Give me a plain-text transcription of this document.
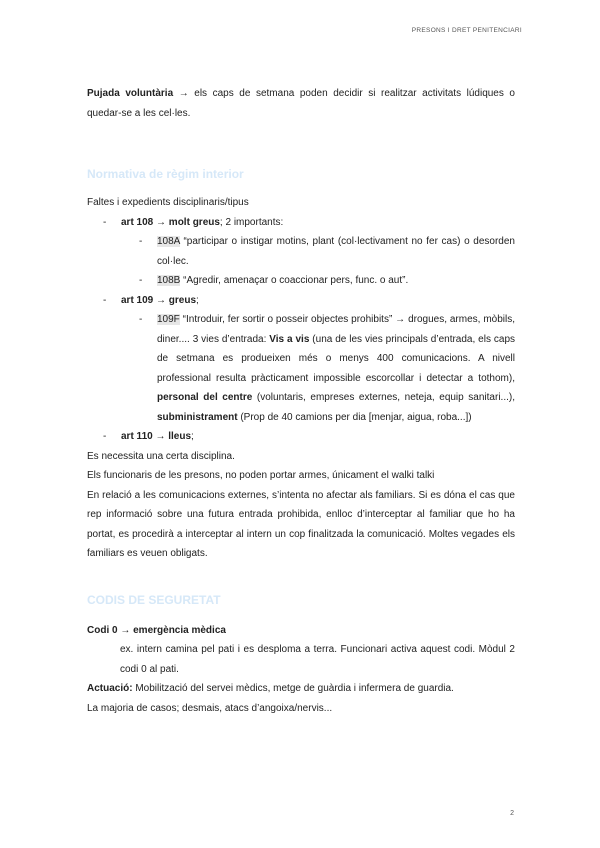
PRESONS I DRET PENITENCIARI

Pujada voluntària → els caps de setmana poden decidir si realitzar activitats lúdiques o quedar-se a les cel·les.

Normativa de règim interior

Faltes i expedients disciplinaris/tipus

- art 108 → molt greus; 2 importants:
- 108A “participar o instigar motins, plant (col·lectivament no fer cas) o desorden col·lec.
- 108B “Agredir, amenaçar o coaccionar pers, func. o aut”.
- art 109 → greus;
- 109F “Introduir, fer sortir o posseir objectes prohibits” → drogues, armes, mòbils, diner.... 3 vies d’entrada: Vis a vis (una de les vies principals d’entrada, els caps de setmana es produeixen més o menys 400 comunicacions. A nivell professional resulta pràcticament impossible escorcollar i detectar a tothom), personal del centre (voluntaris, empreses externes, neteja, equip sanitari...), subministrament (Prop de 40 camions per dia [menjar, aigua, roba...])
- art 110 → lleus;

Es necessita una certa disciplina.

Els funcionaris de les presons, no poden portar armes, únicament el walki talki

En relació a les comunicacions externes, s’intenta no afectar als familiars. Si es dóna el cas que rep informació sobre una futura entrada prohibida, enlloc d’interceptar al familiar que ho ha portat, es procedirà a interceptar al intern un cop finalitzada la comunicació. Moltes vegades els familiars es veuen obligats.

CODIS DE SEGURETAT

Codi 0 → emergència mèdica

ex. intern camina pel pati i es desploma a terra. Funcionari activa aquest codi. Mòdul 2 codi 0 al pati.

Actuació: Mobilització del servei mèdics, metge de guàrdia i infermera de guardia.

La majoria de casos; desmais, atacs d’angoixa/nervis...

2
